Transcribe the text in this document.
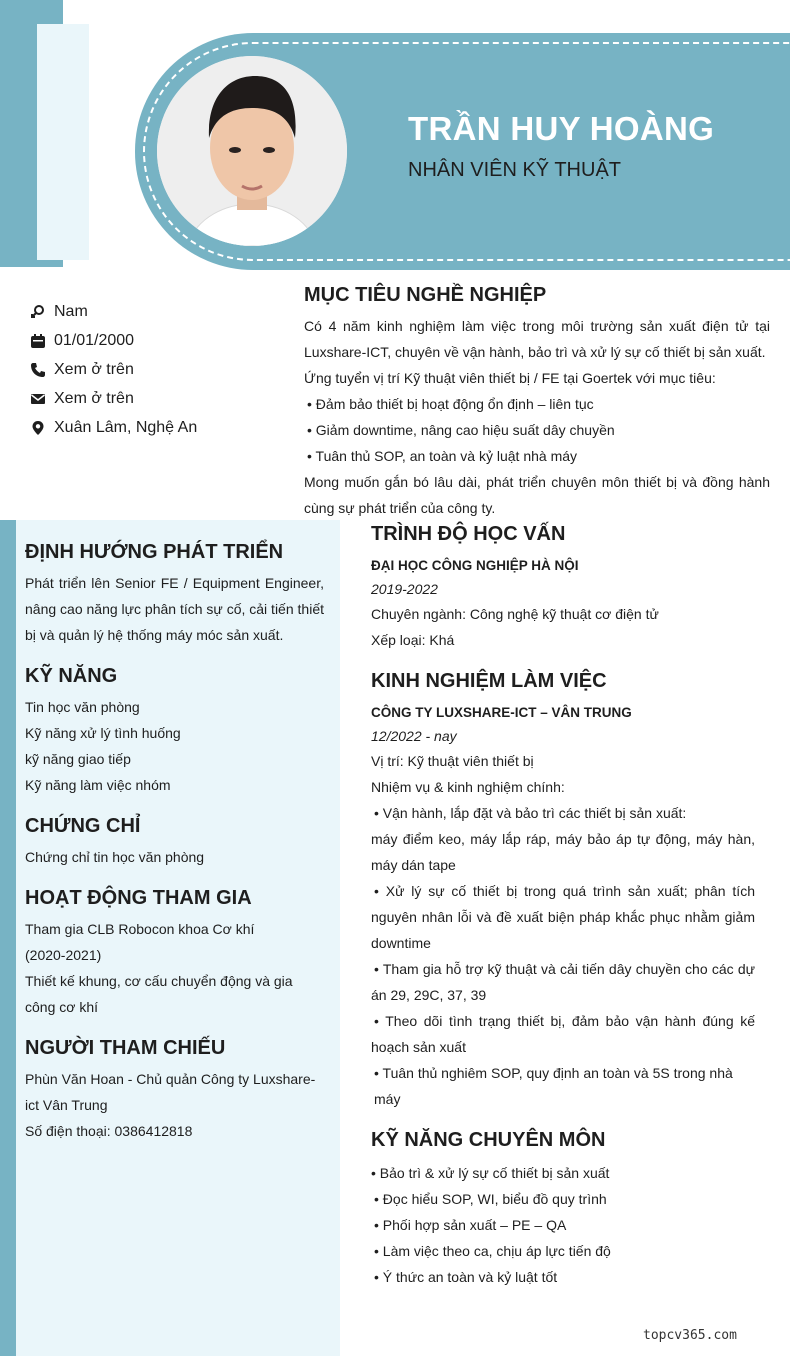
TRẦN HUY HOÀNG
NHÂN VIÊN KỸ THUẬT
Nam
01/01/2000
Xem ở trên
Xem ở trên
Xuân Lâm, Nghệ An
MỤC TIÊU NGHỀ NGHIỆP
Có 4 năm kinh nghiệm làm việc trong môi trường sản xuất điện tử tại Luxshare-ICT, chuyên về vận hành, bảo trì và xử lý sự cố thiết bị sản xuất.
Ứng tuyển vị trí Kỹ thuật viên thiết bị / FE tại Goertek với mục tiêu:
• Đảm bảo thiết bị hoạt động ổn định – liên tục
• Giảm downtime, nâng cao hiệu suất dây chuyền
• Tuân thủ SOP, an toàn và kỷ luật nhà máy
Mong muốn gắn bó lâu dài, phát triển chuyên môn thiết bị và đồng hành cùng sự phát triển của công ty.
ĐỊNH HƯỚNG PHÁT TRIỂN
Phát triển lên Senior FE / Equipment Engineer, nâng cao năng lực phân tích sự cố, cải tiến thiết bị và quản lý hệ thống máy móc sản xuất.
KỸ NĂNG
Tin học văn phòng
Kỹ năng xử lý tình huống
kỹ năng giao tiếp
Kỹ năng làm việc nhóm
CHỨNG CHỈ
Chứng chỉ tin học văn phòng
HOẠT ĐỘNG THAM GIA
Tham gia CLB Robocon khoa Cơ khí
(2020-2021)
Thiết kế khung, cơ cấu chuyển động và gia công cơ khí
NGƯỜI THAM CHIẾU
Phùn Văn Hoan - Chủ quản Công ty Luxshare-ict Vân Trung
Số điện thoại: 0386412818
TRÌNH ĐỘ HỌC VẤN
ĐẠI HỌC CÔNG NGHIỆP HÀ NỘI
2019-2022
Chuyên ngành: Công nghệ kỹ thuật cơ điện tử
Xếp loại: Khá
KINH NGHIỆM LÀM VIỆC
CÔNG TY LUXSHARE-ICT – VÂN TRUNG
12/2022 - nay
Vị trí: Kỹ thuật viên thiết bị
Nhiệm vụ & kinh nghiệm chính:
• Vận hành, lắp đặt và bảo trì các thiết bị sản xuất:
máy điểm keo, máy lắp ráp, máy bảo áp tự động, máy hàn, máy dán tape
• Xử lý sự cố thiết bị trong quá trình sản xuất; phân tích nguyên nhân lỗi và đề xuất biện pháp khắc phục nhằm giảm downtime
• Tham gia hỗ trợ kỹ thuật và cải tiến dây chuyền cho các dự án 29, 29C, 37, 39
• Theo dõi tình trạng thiết bị, đảm bảo vận hành đúng kế hoạch sản xuất
• Tuân thủ nghiêm SOP, quy định an toàn và 5S trong nhà máy
KỸ NĂNG CHUYÊN MÔN
• Bảo trì & xử lý sự cố thiết bị sản xuất
• Đọc hiểu SOP, WI, biểu đồ quy trình
• Phối hợp sản xuất – PE – QA
• Làm việc theo ca, chịu áp lực tiến độ
• Ý thức an toàn và kỷ luật tốt
topcv365.com
